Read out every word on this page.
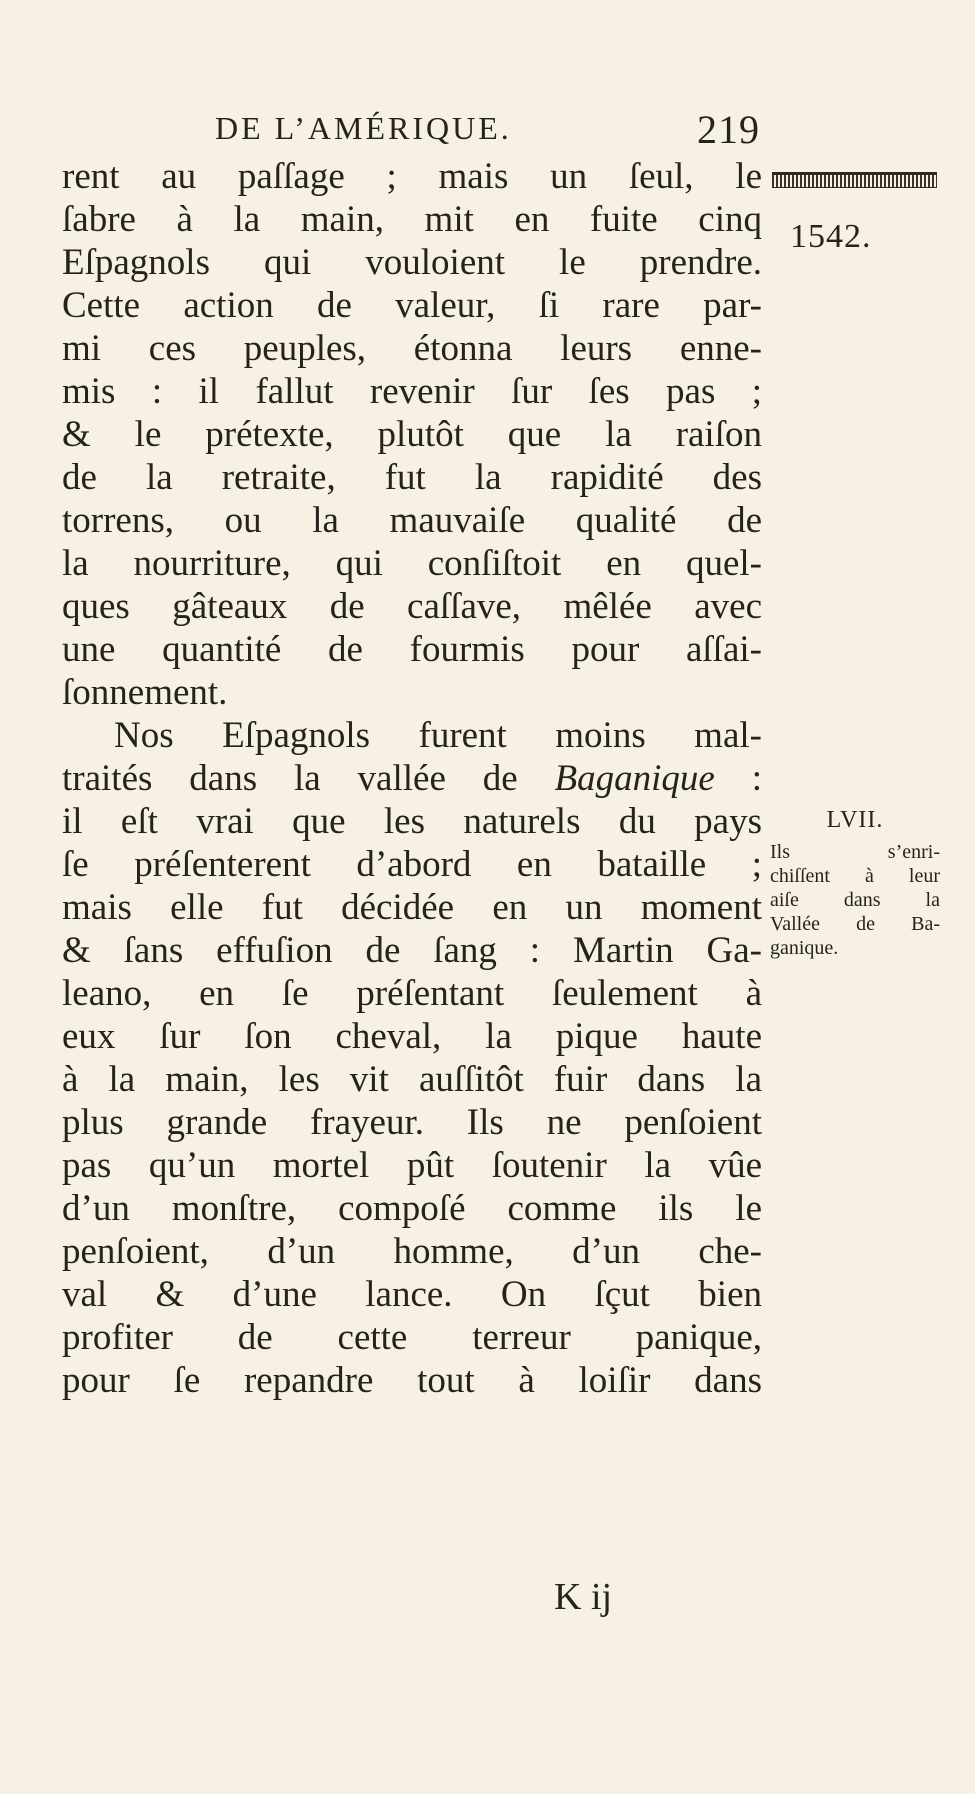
DE L’AMÉRIQUE.	219
1542.
rent au paſſage ; mais un ſeul, le
ſabre à la main, mit en fuite cinq
Eſpagnols qui vouloient le prendre.
Cette action de valeur, ſi rare par-
mi ces peuples, étonna leurs enne-
mis : il fallut revenir ſur ſes pas ;
& le prétexte, plutôt que la raiſon
de la retraite, fut la rapidité des
torrens, ou la mauvaiſe qualité de
la nourriture, qui conſiſtoit en quel-
ques gâteaux de caſſave, mêlée avec
une quantité de fourmis pour aſſai-
ſonnement.
Nos Eſpagnols furent moins mal-
traités dans la vallée de Baganique :
il eſt vrai que les naturels du pays
ſe préſenterent d’abord en bataille ;
mais elle fut décidée en un moment
& ſans effuſion de ſang : Martin Ga-
leano, en ſe préſentant ſeulement à
eux ſur ſon cheval, la pique haute
à la main, les vit auſſitôt fuir dans la
plus grande frayeur. Ils ne penſoient
pas qu’un mortel pût ſoutenir la vûe
d’un monſtre, compoſé comme ils le
penſoient, d’un homme, d’un che-
val & d’une lance. On ſçut bien
profiter de cette terreur panique,
pour ſe repandre tout à loiſir dans
LVII.
Ils s’enri-
chiſſent à leur
aiſe dans la
Vallée de Ba-
ganique.
K ij
